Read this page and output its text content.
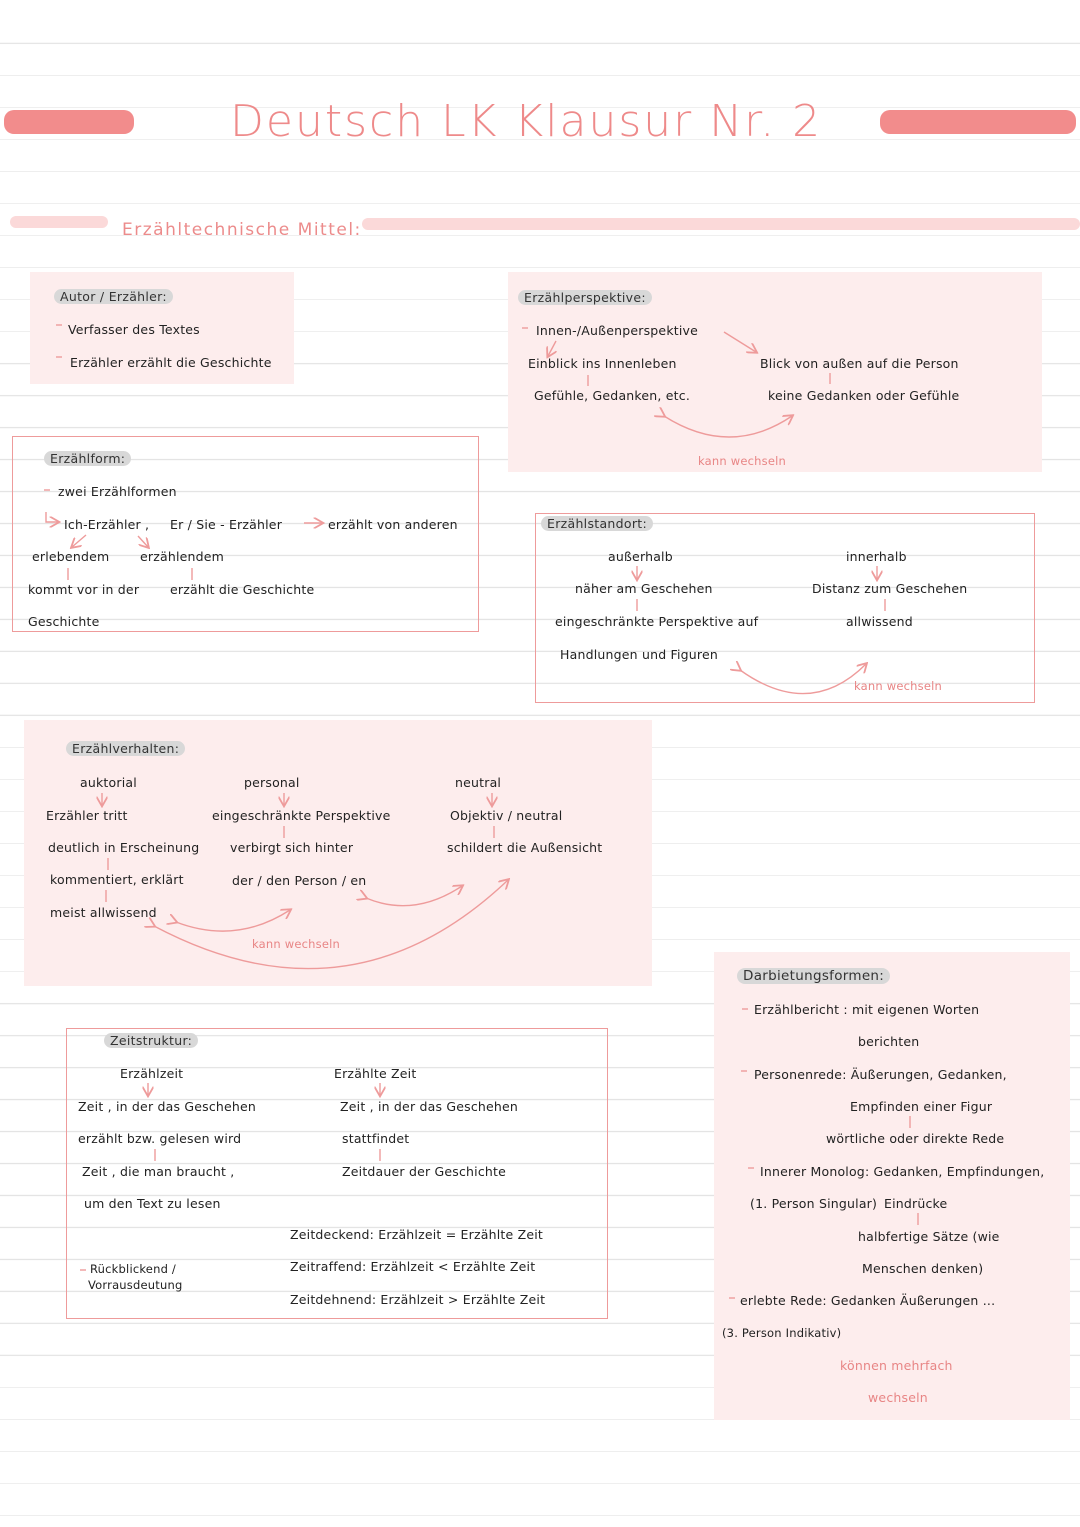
Deutsch LK Klausur Nr. 2
Erzähltechnische Mittel:
Autor / Erzähler:
Verfasser des Textes
Erzähler erzählt die Geschichte
Erzählperspektive:
Innen-/Außenperspektive
Einblick ins Innenleben
Gefühle, Gedanken, etc.
Blick von außen auf die Person
keine Gedanken oder Gefühle
kann wechseln
Erzählform:
zwei Erzählformen
Ich-Erzähler , Er / Sie - Erzähler	erzählt von anderen
erlebendem erzählendem
kommt vor in der erzählt die Geschichte
Geschichte
Erzählstandort:
außerhalb
näher am Geschehen
eingeschränkte Perspektive auf
Handlungen und Figuren
innerhalb
Distanz zum Geschehen
allwissend
kann wechseln
Erzählverhalten:
auktorial
Erzähler tritt
deutlich in Erscheinung
kommentiert, erklärt
meist allwissend
personal
eingeschränkte Perspektive
verbirgt sich hinter
der / den Person / en
neutral
Objektiv / neutral
schildert die Außensicht
kann wechseln
Darbietungsformen:
Erzählbericht : mit eigenen Worten
berichten
Personenrede: Äußerungen, Gedanken,
Empfinden einer Figur
wörtliche oder direkte Rede
Innerer Monolog: Gedanken, Empfindungen,
(1. Person Singular) Eindrücke
halbfertige Sätze (wie
Menschen denken)
erlebte Rede: Gedanken Äußerungen ...
(3. Person Indikativ)
können mehrfach
wechseln
Zeitstruktur:
Erzählzeit
Zeit , in der das Geschehen
erzählt bzw. gelesen wird
Zeit , die man braucht ,
um den Text zu lesen
Erzählte Zeit
Zeit , in der das Geschehen
stattfindet
Zeitdauer der Geschichte
Zeitdeckend: Erzählzeit = Erzählte Zeit
Zeitraffend: Erzählzeit < Erzählte Zeit
Zeitdehnend: Erzählzeit > Erzählte Zeit
Rückblickend /
Vorrausdeutung
